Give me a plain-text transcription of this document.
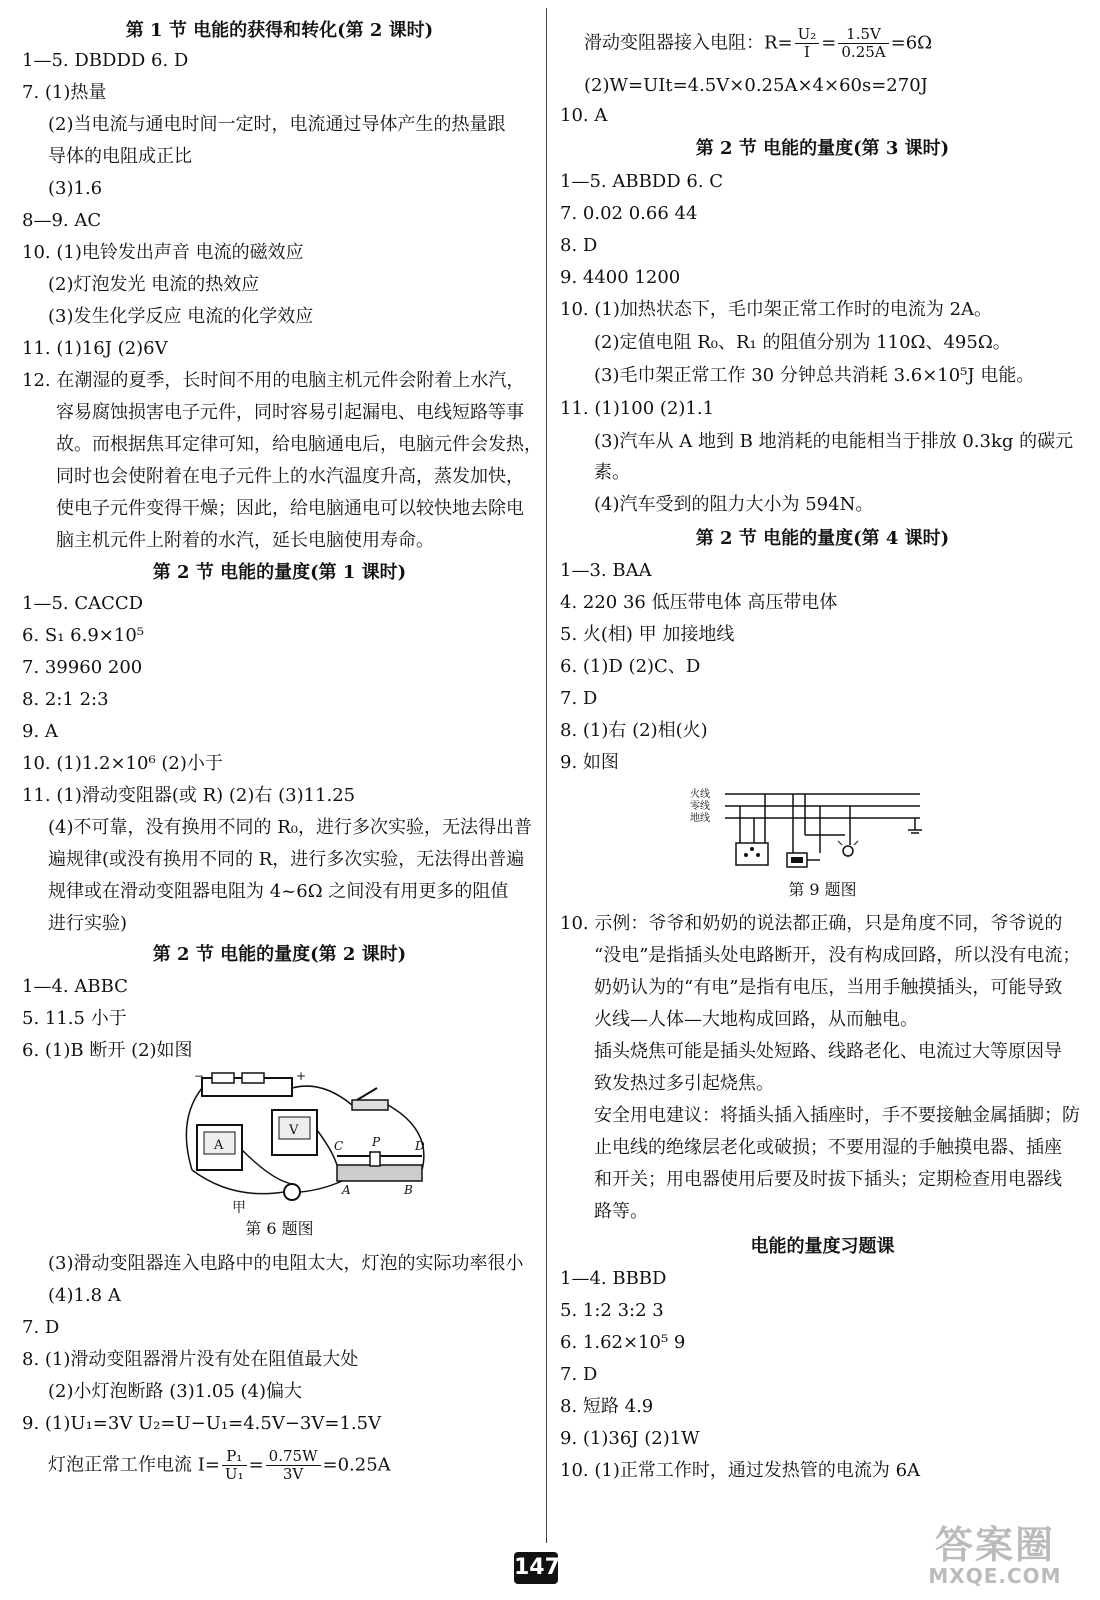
第 1 节 电能的获得和转化(第 2 课时)
1—5. DBDDD 6. D
7. (1)热量
(2)当电流与通电时间一定时，电流通过导体产生的热量跟
导体的电阻成正比
(3)1.6
8—9. AC
10. (1)电铃发出声音 电流的磁效应
(2)灯泡发光 电流的热效应
(3)发生化学反应 电流的化学效应
11. (1)16J (2)6V
12. 在潮湿的夏季，长时间不用的电脑主机元件会附着上水汽，
容易腐蚀损害电子元件，同时容易引起漏电、电线短路等事
故。而根据焦耳定律可知，给电脑通电后，电脑元件会发热，
同时也会使附着在电子元件上的水汽温度升高，蒸发加快，
使电子元件变得干燥；因此，给电脑通电可以较快地去除电
脑主机元件上附着的水汽，延长电脑使用寿命。
第 2 节 电能的量度(第 1 课时)
1—5. CACCD
6. S₁ 6.9×10⁵
7. 39960 200
8. 2:1 2:3
9. A
10. (1)1.2×10⁶ (2)小于
11. (1)滑动变阻器(或 R) (2)右 (3)11.25
(4)不可靠，没有换用不同的 R₀，进行多次实验，无法得出普
遍规律(或没有换用不同的 R，进行多次实验，无法得出普遍
规律或在滑动变阻器电阻为 4~6Ω 之间没有用更多的阻值
进行实验)
第 2 节 电能的量度(第 2 课时)
1—4. ABBC
5. 11.5 小于
6. (1)B 断开 (2)如图
−	+
A
V
C P	D
A	B
甲
第 6 题图
(3)滑动变阻器连入电路中的电阻太大，灯泡的实际功率很小
(4)1.8 A
7. D
8. (1)滑动变阻器滑片没有处在阻值最大处
(2)小灯泡断路 (3)1.05 (4)偏大
9. (1)U₁=3V U₂=U−U₁=4.5V−3V=1.5V
灯泡正常工作电流 $I= \frac{\text{P₁}}{\text{U₁}} = \frac{0.75W}{3V} =0.25A$
滑动变阻器接入电阻：$R= \frac{\text{U₂}}{I} = \frac{1.5V}{0.25A} =6\Omega$
(2)W=UIt=4.5V×0.25A×4×60s=270J
10. A
第 2 节 电能的量度(第 3 课时)
1—5. ABBDD 6. C
7. 0.02 0.66 44
8. D
9. 4400 1200
10. (1)加热状态下，毛巾架正常工作时的电流为 2A。
(2)定值电阻 R₀、R₁ 的阻值分别为 110Ω、495Ω。
(3)毛巾架正常工作 30 分钟总共消耗 3.6×10⁵J 电能。
11. (1)100 (2)1.1
(3)汽车从 A 地到 B 地消耗的电能相当于排放 0.3kg 的碳元
素。
(4)汽车受到的阻力大小为 594N。
第 2 节 电能的量度(第 4 课时)
1—3. BAA
4. 220 36 低压带电体 高压带电体
5. 火(相) 甲 加接地线
6. (1)D (2)C、D
7. D
8. (1)右 (2)相(火)
9. 如图
火线
零线
地线
第 9 题图
10. 示例：爷爷和奶奶的说法都正确，只是角度不同，爷爷说的
“没电”是指插头处电路断开，没有构成回路，所以没有电流；
奶奶认为的“有电”是指有电压，当用手触摸插头，可能导致
火线—人体—大地构成回路，从而触电。
插头烧焦可能是插头处短路、线路老化、电流过大等原因导
致发热过多引起烧焦。
安全用电建议：将插头插入插座时，手不要接触金属插脚；防
止电线的绝缘层老化或破损；不要用湿的手触摸电器、插座
和开关；用电器使用后要及时拔下插头；定期检查用电器线
路等。
电能的量度习题课
1—4. BBBD
5. 1:2 3:2 3
6. 1.62×10⁵ 9
7. D
8. 短路 4.9
9. (1)36J (2)1W
10. (1)正常工作时，通过发热管的电流为 6A
147
答案圈
MXQE.COM
